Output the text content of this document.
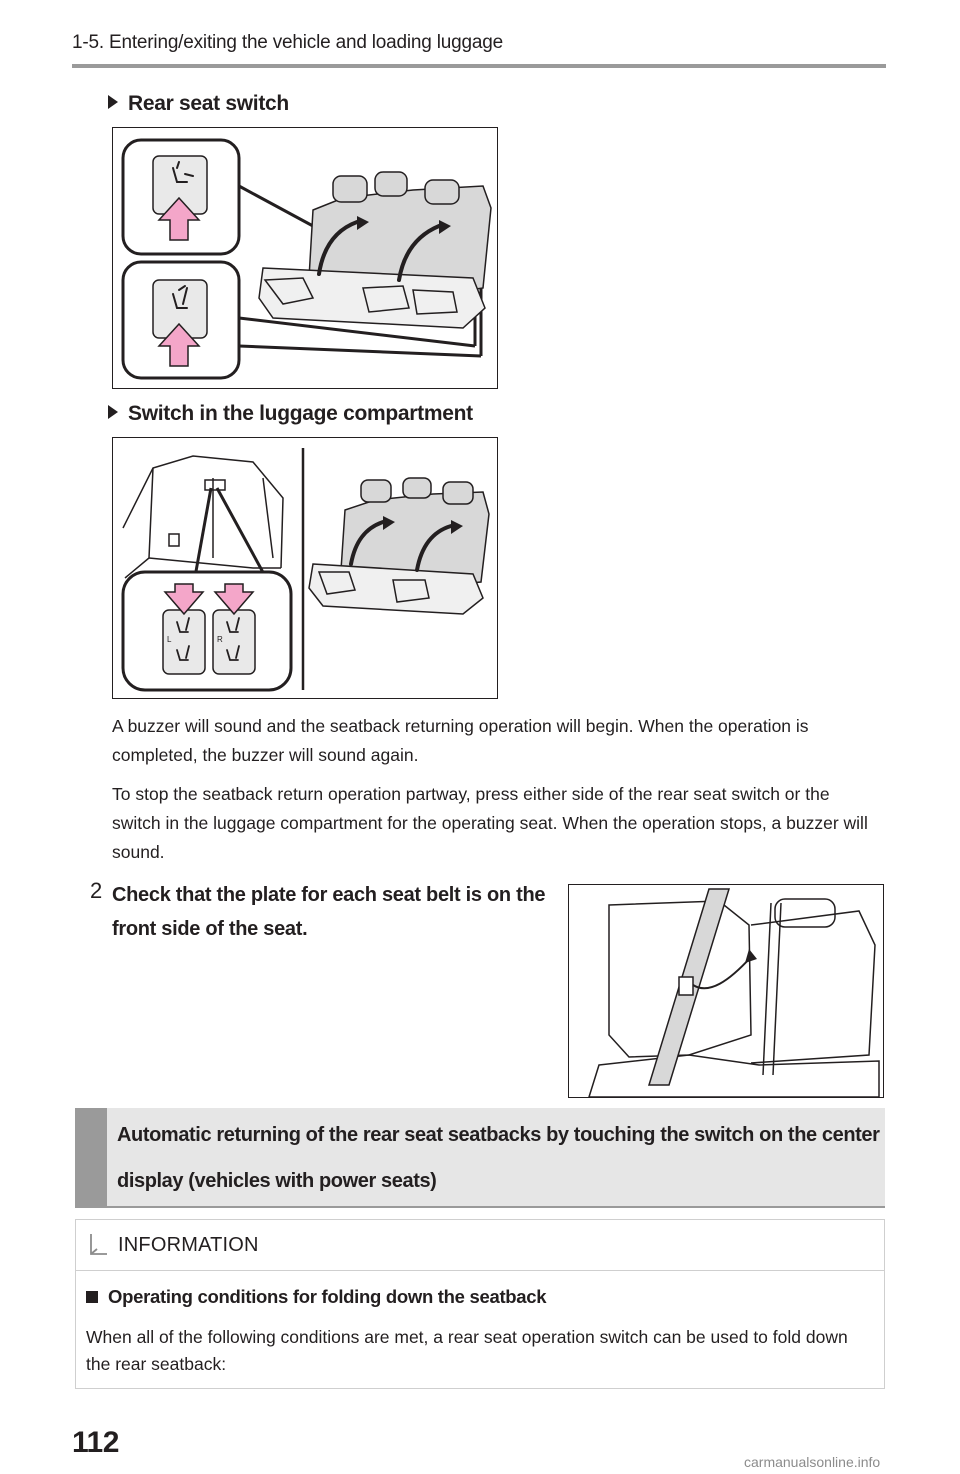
1-5. Entering/exiting the vehicle and loading luggage
Rear seat switch
Switch in the luggage compartment
L	R

A buzzer will sound and the seatback returning operation will begin. When the operation is completed, the buzzer will sound again.

To stop the seatback return operation partway, press either side of the rear seat switch or the switch in the luggage compartment for the operating seat. When the operation stops, a buzzer will sound.

2 Check that the plate for each seat belt is on the front side of the seat.
Automatic returning of the rear seat seatbacks by touching the switch on the center display (vehicles with power seats)
INFORMATION
Operating conditions for folding down the seatback
When all of the following conditions are met, a rear seat operation switch can be used to fold down the rear seatback:
112
carmanualsonline.info
